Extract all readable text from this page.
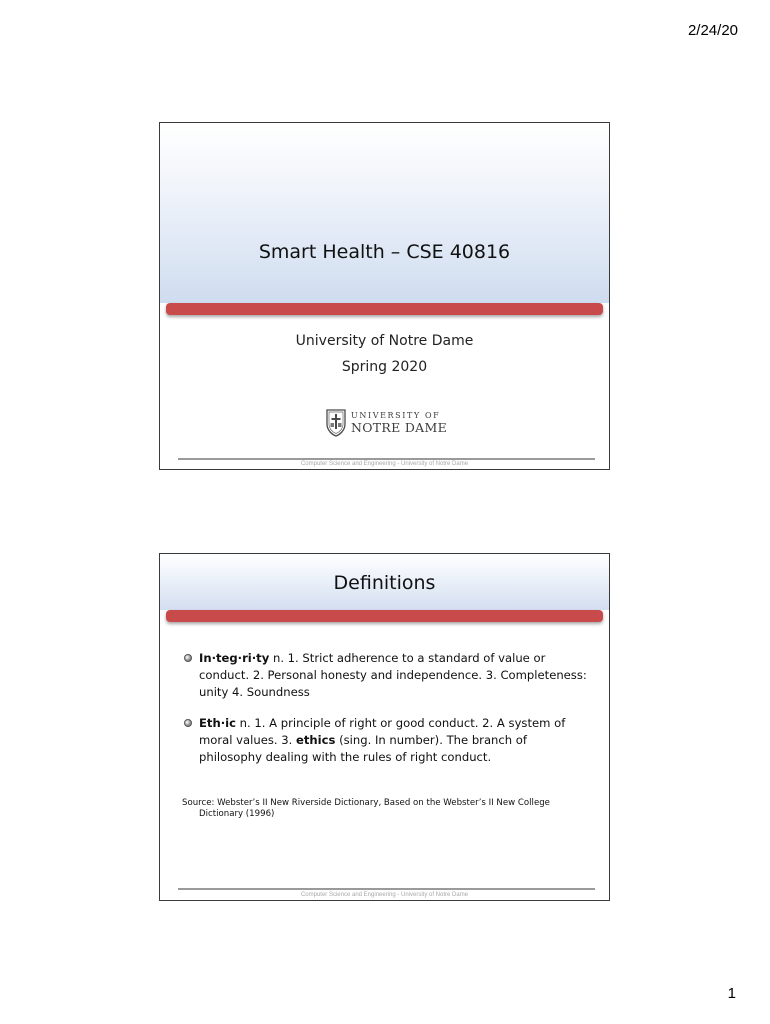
2/24/20
Smart Health – CSE 40816
University of Notre Dame
Spring 2020
UNIVERSITY OF
NOTRE DAME
Computer Science and Engineering - University of Notre Dame
Definitions
In·teg·ri·ty n. 1. Strict adherence to a standard of value or conduct. 2. Personal honesty and independence. 3. Completeness: unity 4. Soundness
Eth·ic n. 1. A principle of right or good conduct. 2. A system of moral values. 3. ethics (sing. In number). The branch of philosophy dealing with the rules of right conduct.
Source: Webster’s II New Riverside Dictionary, Based on the Webster’s II New College Dictionary (1996)
Computer Science and Engineering - University of Notre Dame
1
